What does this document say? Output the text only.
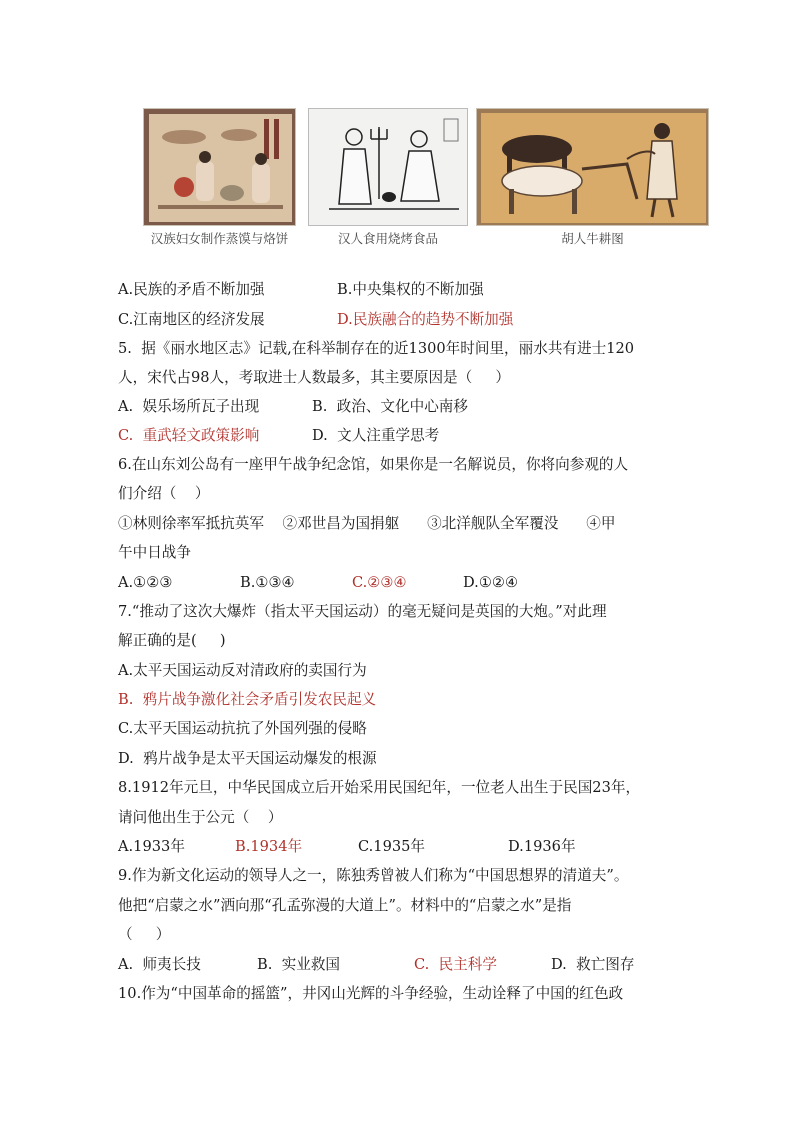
汉族妇女制作蒸馍与烙饼	汉人食用烧烤食品	胡人牛耕图
A.民族的矛盾不断加强	B.中央集权的不断加强
C.江南地区的经济发展	D.民族融合的趋势不断加强
5.  据《丽水地区志》记载,在科举制存在的近1300年时间里，丽水共有进士120
人，宋代占98人，考取进士人数最多，其主要原因是（     ）
A.  娱乐场所瓦子出现	B.  政治、文化中心南移
C.  重武轻文政策影响	D.  文人注重学思考
6.在山东刘公岛有一座甲午战争纪念馆，如果你是一名解说员，你将向参观的人
们介绍（    ）
①林则徐率军抵抗英军    ②邓世昌为国捐躯      ③北洋舰队全军覆没      ④甲
午中日战争
A.①②③	B.①③④	C.②③④	D.①②④
7.“推动了这次大爆炸（指太平天国运动）的毫无疑问是英国的大炮。”对此理
解正确的是(     )
A.太平天国运动反对清政府的卖国行为
B.  鸦片战争激化社会矛盾引发农民起义
C.太平天国运动抗抗了外国列强的侵略
D.  鸦片战争是太平天国运动爆发的根源
8.1912年元旦，中华民国成立后开始采用民国纪年，一位老人出生于民国23年，
请问他出生于公元（    ）
A.1933年	B.1934年	C.1935年	D.1936年
9.作为新文化运动的领导人之一，陈独秀曾被人们称为“中国思想界的清道夫”。
他把“启蒙之水”洒向那“孔孟弥漫的大道上”。材料中的“启蒙之水”是指
（     ）
A.  师夷长技	B.  实业救国	C.  民主科学	D.  救亡图存
10.作为“中国革命的摇篮”，井冈山光辉的斗争经验，生动诠释了中国的红色政
